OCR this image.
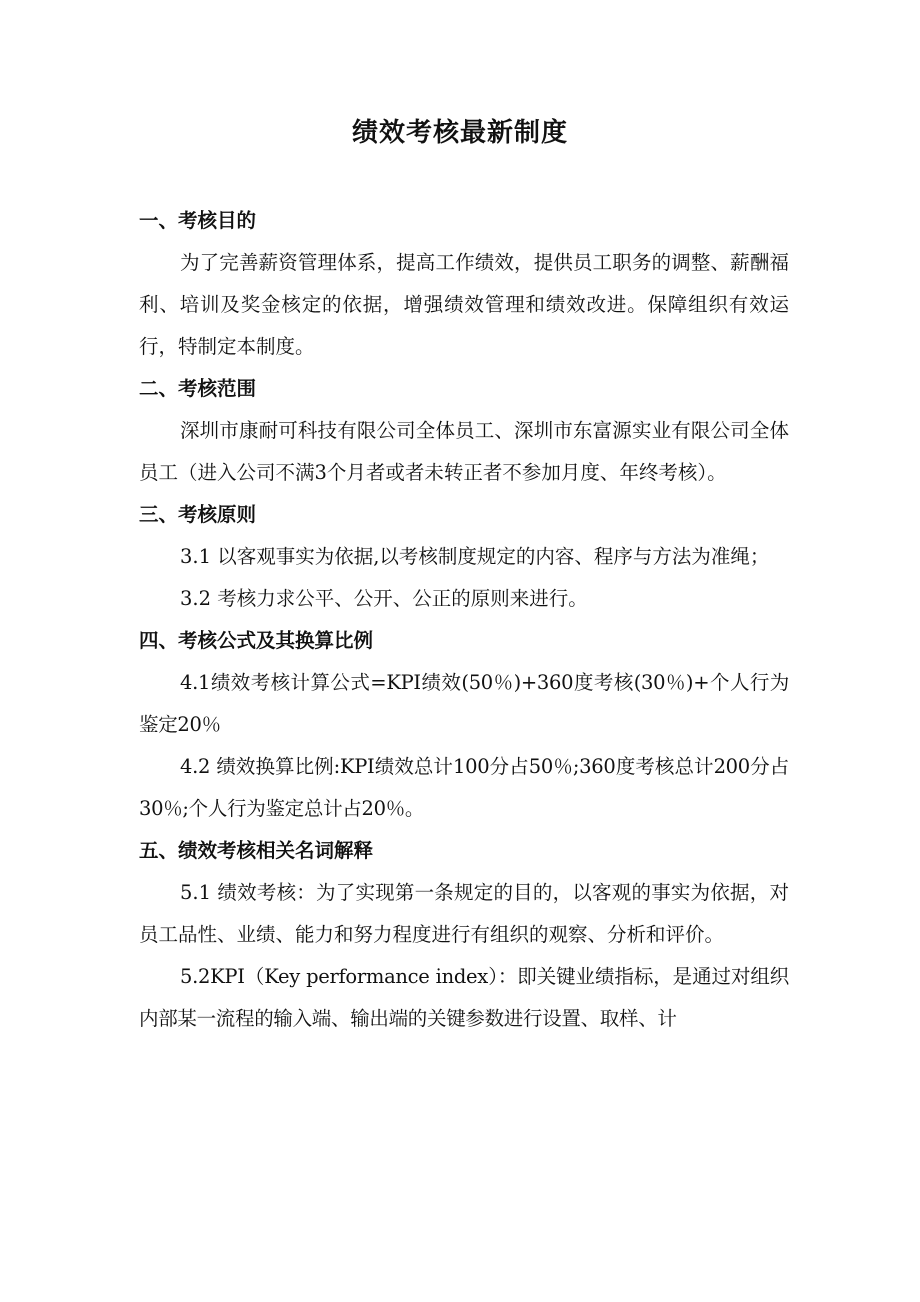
绩效考核最新制度

一、考核目的

为了完善薪资管理体系，提高工作绩效，提供员工职务的调整、薪酬福利、培训及奖金核定的依据，增强绩效管理和绩效改进。保障组织有效运行，特制定本制度。

二、考核范围

深圳市康耐可科技有限公司全体员工、深圳市东富源实业有限公司全体员工（进入公司不满3个月者或者未转正者不参加月度、年终考核）。

三、考核原则

3.1 以客观事实为依据,以考核制度规定的内容、程序与方法为准绳；

3.2 考核力求公平、公开、公正的原则来进行。

四、考核公式及其换算比例

4.1绩效考核计算公式=KPI绩效(50％)+360度考核(30％)+个人行为鉴定20％

4.2 绩效换算比例:KPI绩效总计100分占50％;360度考核总计200分占30％;个人行为鉴定总计占20％。

五、绩效考核相关名词解释

5.1 绩效考核：为了实现第一条规定的目的，以客观的事实为依据，对员工品性、业绩、能力和努力程度进行有组织的观察、分析和评价。

5.2KPI（Key performance index）：即关键业绩指标，是通过对组织内部某一流程的输入端、输出端的关键参数进行设置、取样、计
